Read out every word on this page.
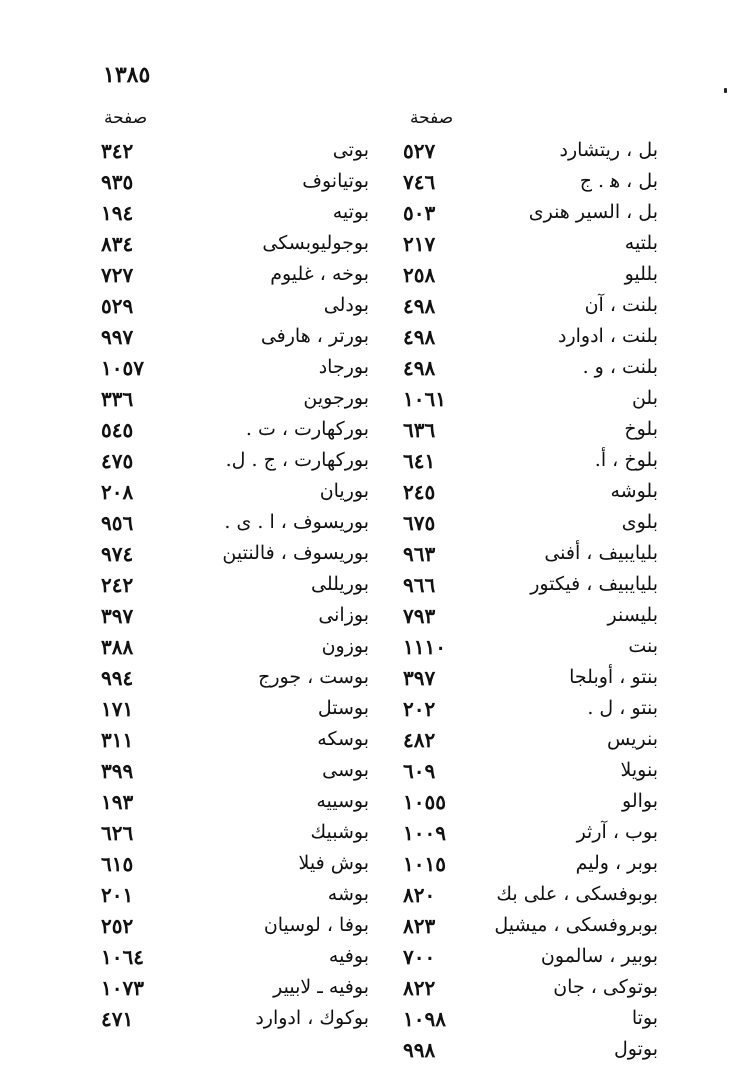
١٣٨٥
صفحة	صفحة
بل ، ريتشارد
٥٢٧
بل ، ﻫ . ج
٧٤٦
بل ، السير هنرى
٥٠٣
بلتيه
٢١٧
بلليو
٢٥٨
بلنت ، آن
٤٩٨
بلنت ، ادوارد
٤٩٨
بلنت ، و .
٤٩٨
بلن
١٠٦١
بلوخ
٦٣٦
بلوخ ، أ.
٦٤١
بلوشه
٢٤٥
بلوى
٦٧٥
بليايبيف ، أفنى
٩٦٣
بليايبيف ، فيكتور
٩٦٦
بليسنر
٧٩٣
بنت
١١١٠
بنتو ، أوبلجا
٣٩٧
بنتو ، ل .
٢٠٢
بنريس
٤٨٢
بنويلا
٦٠٩
بوالو
١٠٥٥
بوب ، آرثر
١٠٠٩
بوبر ، وليم
١٠١٥
بوبوفسكى ، على بك
٨٢٠
بوبروفسكى ، ميشيل
٨٢٣
بوبير ، سالمون
٧٠٠
بوتوكى ، جان
٨٢٢
بوتا
١٠٩٨
بوتول
٩٩٨
بوتى
٣٤٢
بوتيانوف
٩٣٥
بوتيه
١٩٤
بوجوليوبسكى
٨٣٤
بوخه ، غليوم
٧٢٧
بودلى
٥٢٩
بورتر ، هارفى
٩٩٧
بورجاد
١٠٥٧
بورجوين
٣٣٦
بوركهارت ، ت .
٥٤٥
بوركهارت ، ج . ل.
٤٧٥
بوريان
٢٠٨
بوريسوف ، ا . ى .
٩٥٦
بوريسوف ، فالنتين
٩٧٤
بوريللى
٢٤٢
بوزانى
٣٩٧
بوزون
٣٨٨
بوست ، جورج
٩٩٤
بوستل
١٧١
بوسكه
٣١١
بوسى
٣٩٩
بوسييه
١٩٣
بوشبيك
٦٢٦
بوش فيلا
٦١٥
بوشه
٢٠١
بوفا ، لوسيان
٢٥٢
بوفيه
١٠٦٤
بوفيه ـ لابيير
١٠٧٣
بوكوك ، ادوارد
٤٧١
